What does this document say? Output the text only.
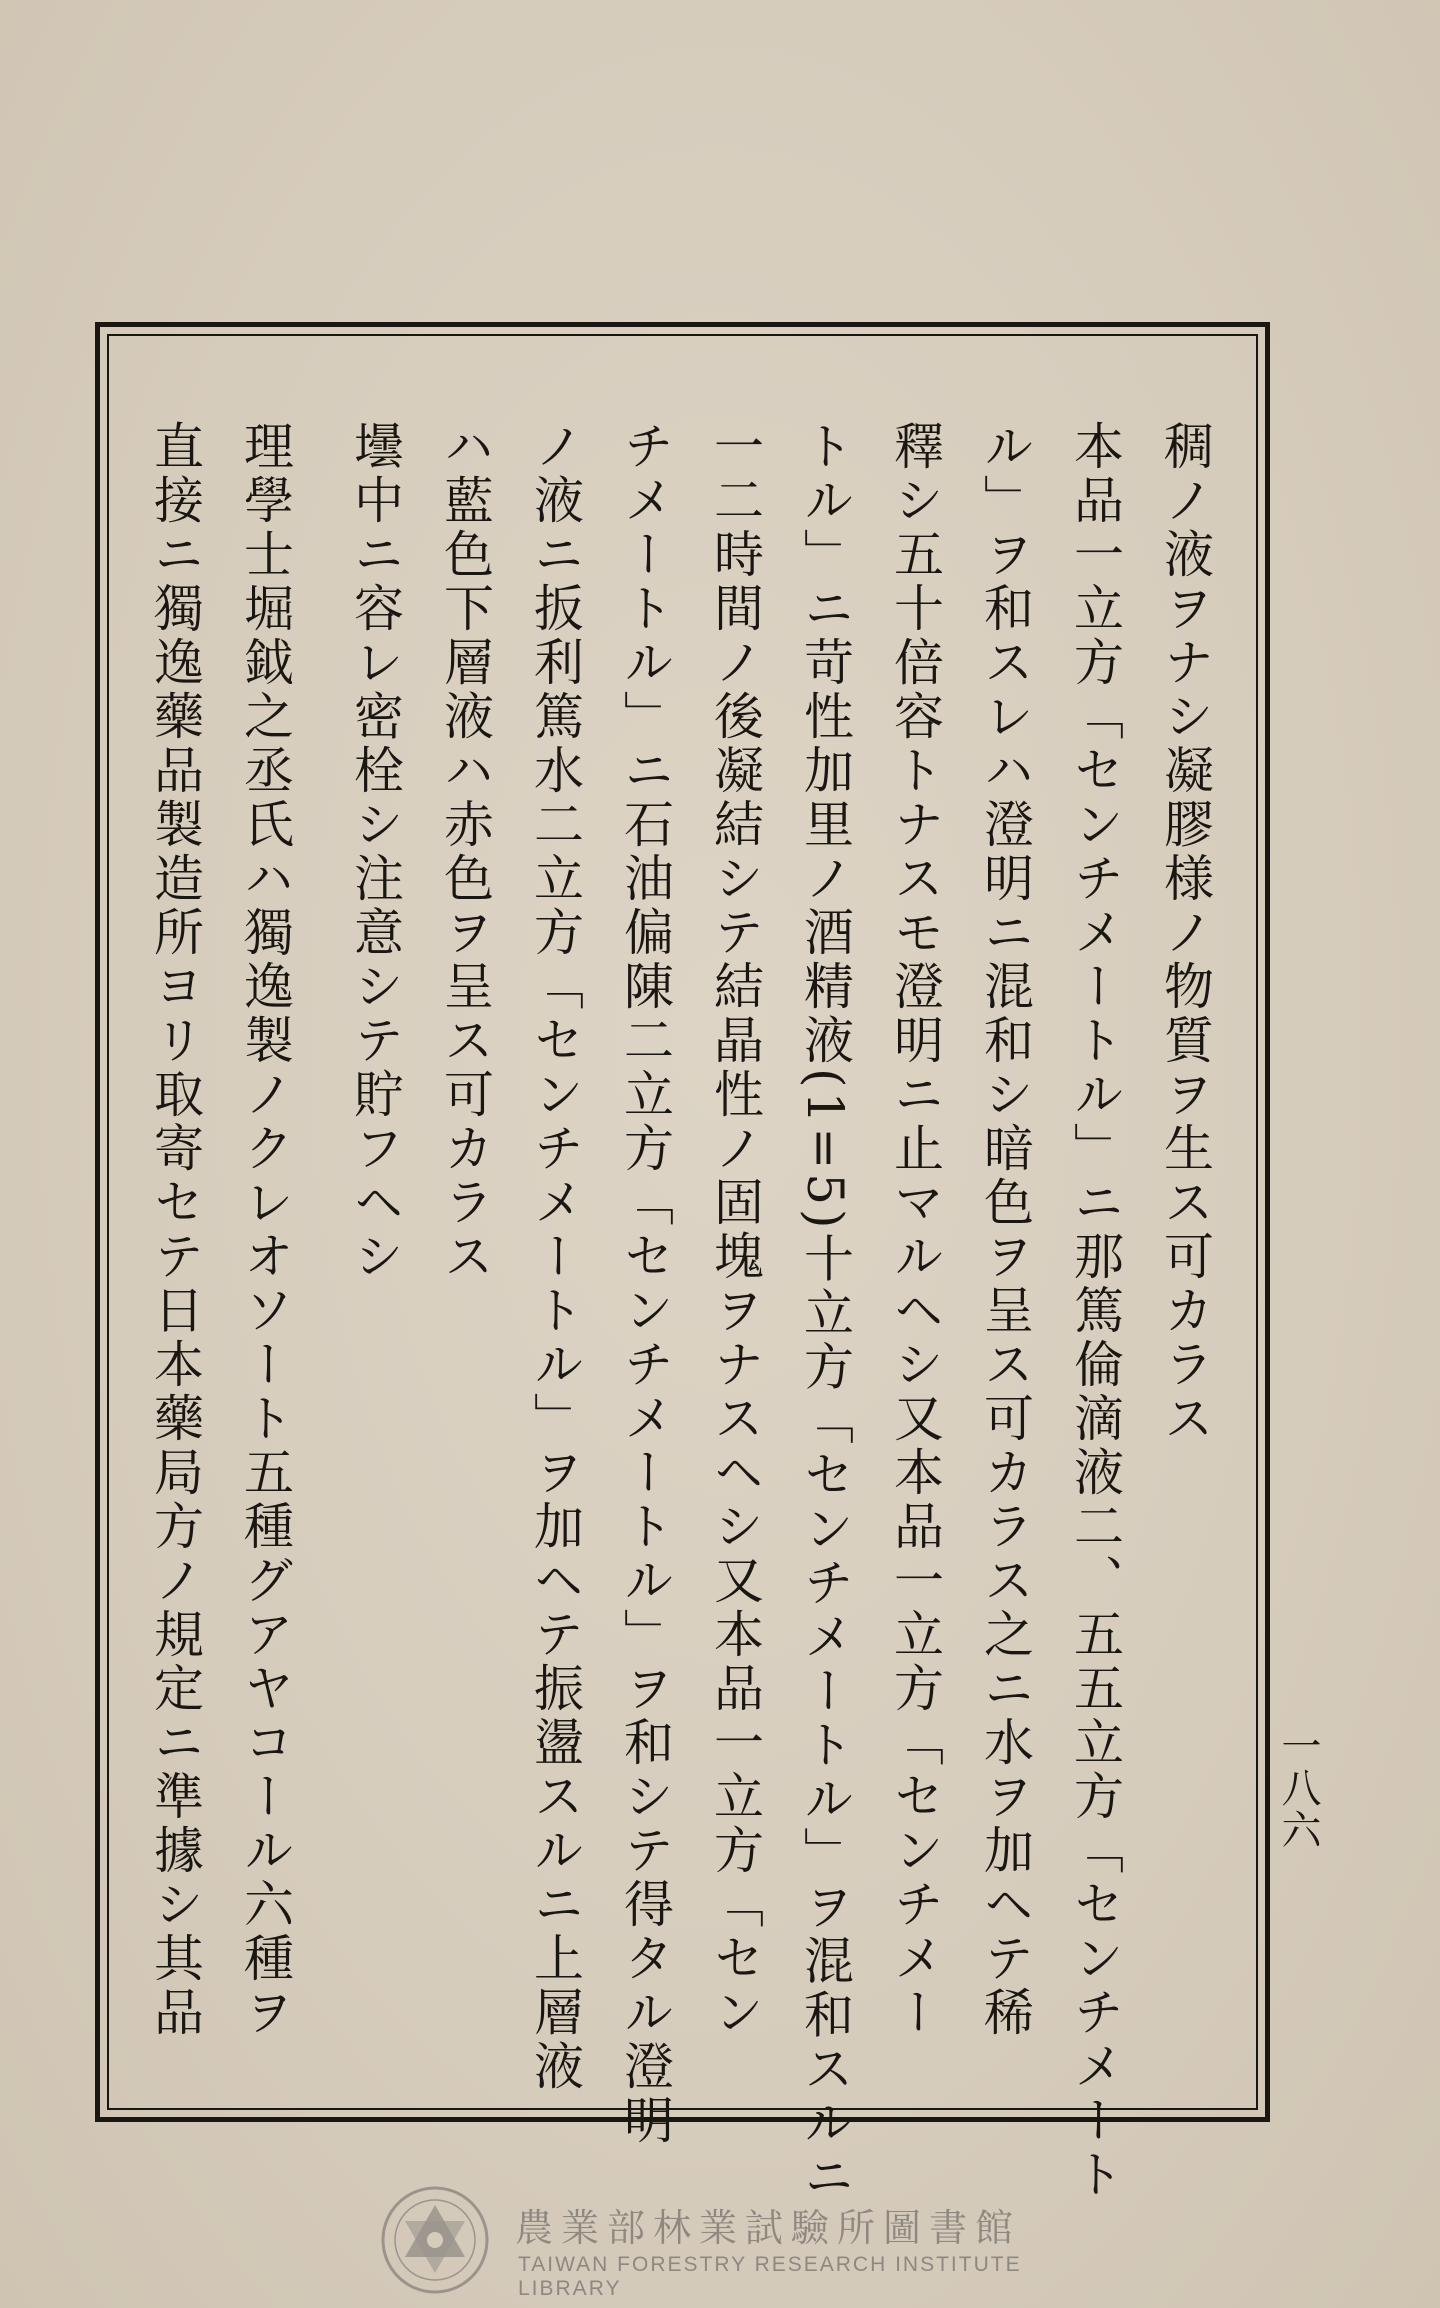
稠ノ液ヲナシ凝膠様ノ物質ヲ生ス可カラス
本品一立方「センチメートル」ニ那篤倫滴液二、五五立方「センチメート
ル」ヲ和スレハ澄明ニ混和シ暗色ヲ呈ス可カラス之ニ水ヲ加ヘテ稀
釋シ五十倍容トナスモ澄明ニ止マルヘシ又本品一立方「センチメー
トル」ニ苛性加里ノ酒精液(1=5)十立方「センチメートル」ヲ混和スルニ
一二時間ノ後凝結シテ結晶性ノ固塊ヲナスヘシ又本品一立方「セン
チメートル」ニ石油偏陳二立方「センチメートル」ヲ和シテ得タル澄明
ノ液ニ扳利篤水二立方「センチメートル」ヲ加ヘテ振盪スルニ上層液
ハ藍色下層液ハ赤色ヲ呈ス可カラス
壜中ニ容レ密栓シ注意シテ貯フヘシ
理學士堀鉞之丞氏ハ獨逸製ノクレオソート五種グアヤコール六種ヲ
直接ニ獨逸藥品製造所ヨリ取寄セテ日本藥局方ノ規定ニ準據シ其品	一八六
農業部林業試驗所圖書館
TAIWAN FORESTRY RESEARCH INSTITUTE LIBRARY
